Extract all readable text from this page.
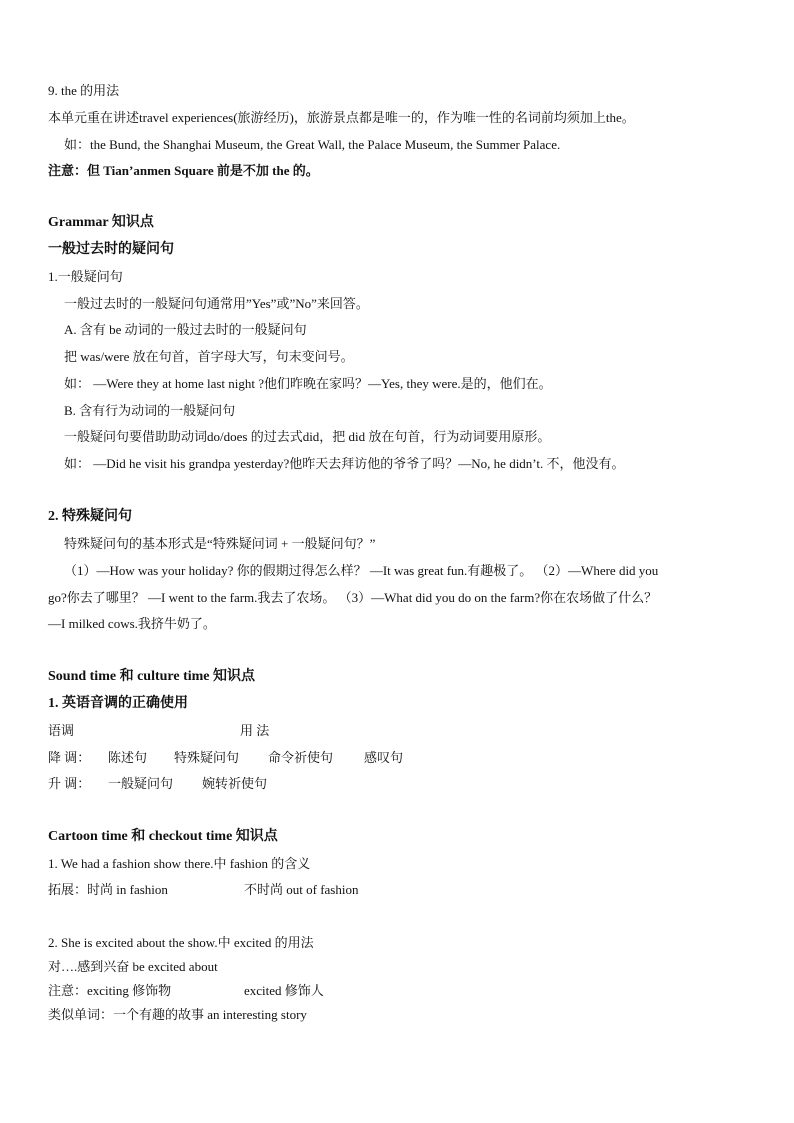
9. the 的用法
本单元重在讲述travel experiences(旅游经历)，旅游景点都是唯一的，作为唯一性的名词前均须加上the。
如：the Bund, the Shanghai Museum, the Great Wall, the Palace Museum, the Summer Palace.
注意：但 Tian’anmen Square 前是不加 the 的。
Grammar 知识点
一般过去时的疑问句
1.一般疑问句
一般过去时的一般疑问句通常用”Yes”或”No”来回答。
A. 含有 be 动词的一般过去时的一般疑问句
把 was/were 放在句首，首字母大写，句末变问号。
如： —Were they at home last night ?他们昨晚在家吗？—Yes, they were.是的，他们在。
B. 含有行为动词的一般疑问句
一般疑问句要借助助动词do/does 的过去式did，把 did 放在句首，行为动词要用原形。
如： —Did he visit his grandpa yesterday?他昨天去拜访他的爷爷了吗？—No, he didn’t. 不，他没有。
2. 特殊疑问句
特殊疑问句的基本形式是“特殊疑问词 + 一般疑问句？”
（1）—How was your holiday? 你的假期过得怎么样？ —It was great fun.有趣极了。 （2）—Where did you
go?你去了哪里？ —I went to the farm.我去了农场。 （3）—What did you do on the farm?你在农场做了什么？
—I milked cows.我挤牛奶了。
Sound time 和 culture time 知识点
1. 英语音调的正确使用
语调	用 法
降 调： 陈述句 特殊疑问句 命令祈使句 感叹句
升 调： 一般疑问句 婉转祈使句
Cartoon time 和 checkout time 知识点
1. We had a fashion show there.中 fashion 的含义
拓展：时尚 in fashion	不时尚 out of fashion
2. She is excited about the show.中 excited 的用法
对….感到兴奋 be excited about
注意：exciting 修饰物	excited 修饰人
类似单词：一个有趣的故事 an interesting story
